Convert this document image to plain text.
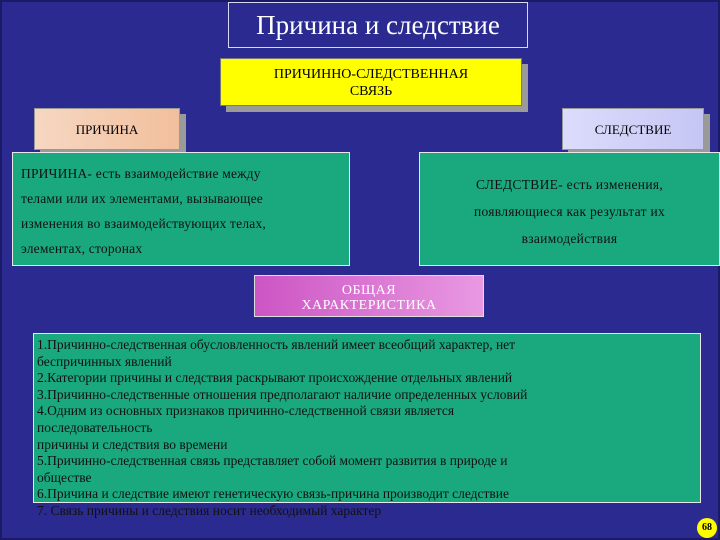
Причина и следствие
ПРИЧИННО-СЛЕДСТВЕННАЯ
СВЯЗЬ
ПРИЧИНА	СЛЕДСТВИЕ
ПРИЧИНА- есть взаимодействие между
телами или их элементами, вызывающее
изменения во взаимодействующих телах,
элементах, сторонах
СЛЕДСТВИЕ- есть изменения,
появляющиеся как результат их
взаимодействия

1.Причинно-следственная обусловленность явлений имеет всеобщий характер, нет

беспричинных явлений

2.Категории причины и следствия раскрывают происхождение отдельных явлений

3.Причинно-следственные отношения предполагают наличие определенных условий

4.Одним из основных признаков причинно-следственной связи является

последовательность

причины и следствия во времени

5.Причинно-следственная связь представляет собой момент развития в природе и

обществе

6.Причина и следствие имеют генетическую связь-причина производит следствие

7. Связь причины и следствия носит необходимый характер

ОБЩАЯ
ХАРАКТЕРИСТИКА
68
